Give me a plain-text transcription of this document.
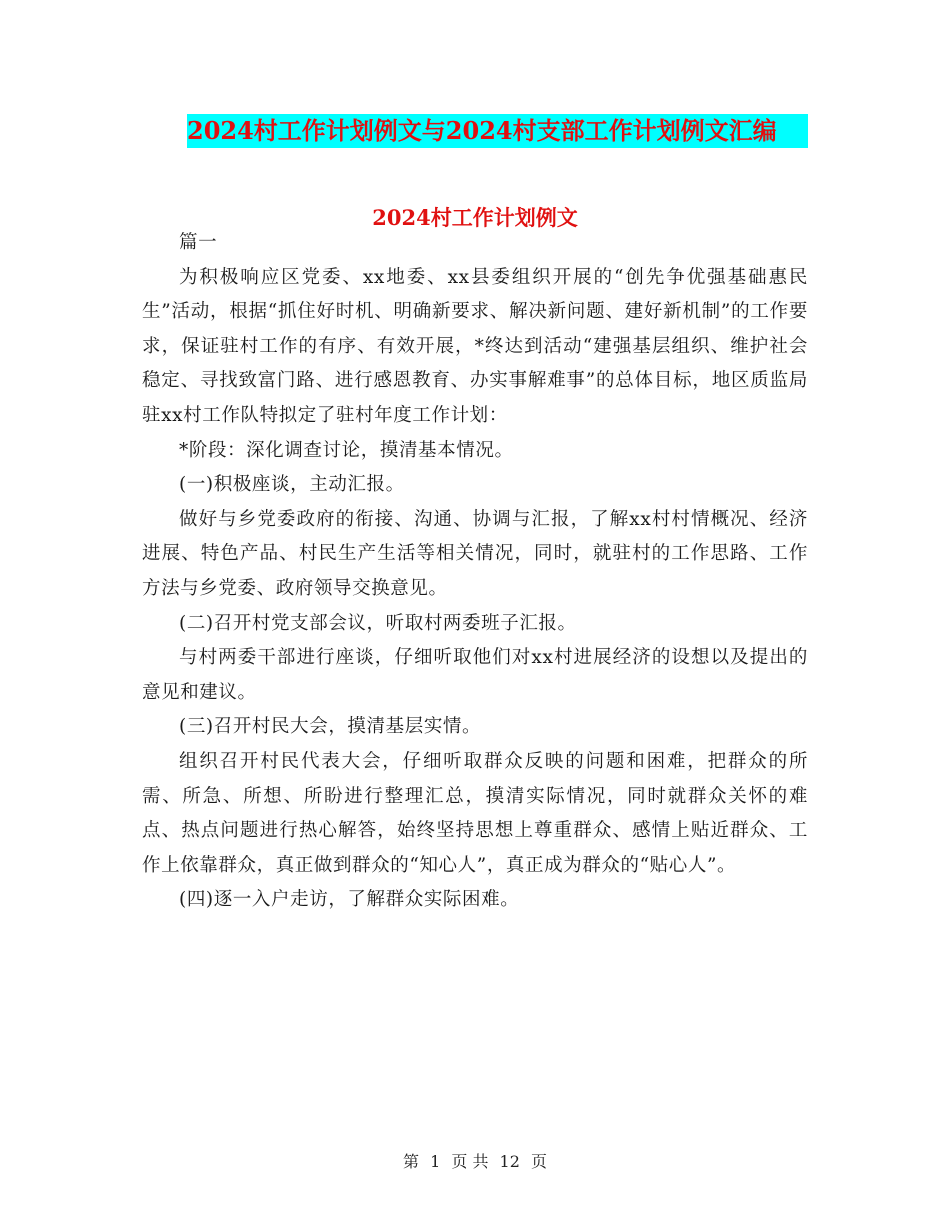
2024村工作计划例文与2024村支部工作计划例文汇编
2024村工作计划例文

篇一

为积极响应区党委、xx地委、xx县委组织开展的“创先争优强基础惠民生”活动，根据“抓住好时机、明确新要求、解决新问题、建好新机制”的工作要求，保证驻村工作的有序、有效开展，*终达到活动“建强基层组织、维护社会稳定、寻找致富门路、进行感恩教育、办实事解难事”的总体目标，地区质监局驻xx村工作队特拟定了驻村年度工作计划：

*阶段：深化调查讨论，摸清基本情况。

(一)积极座谈，主动汇报。

做好与乡党委政府的衔接、沟通、协调与汇报，了解xx村村情概况、经济进展、特色产品、村民生产生活等相关情况，同时，就驻村的工作思路、工作方法与乡党委、政府领导交换意见。

(二)召开村党支部会议，听取村两委班子汇报。

与村两委干部进行座谈，仔细听取他们对xx村进展经济的设想以及提出的意见和建议。

(三)召开村民大会，摸清基层实情。

组织召开村民代表大会，仔细听取群众反映的问题和困难，把群众的所需、所急、所想、所盼进行整理汇总，摸清实际情况，同时就群众关怀的难点、热点问题进行热心解答，始终坚持思想上尊重群众、感情上贴近群众、工作上依靠群众，真正做到群众的“知心人”，真正成为群众的“贴心人”。

(四)逐一入户走访，了解群众实际困难。

第 1 页 共 12 页
